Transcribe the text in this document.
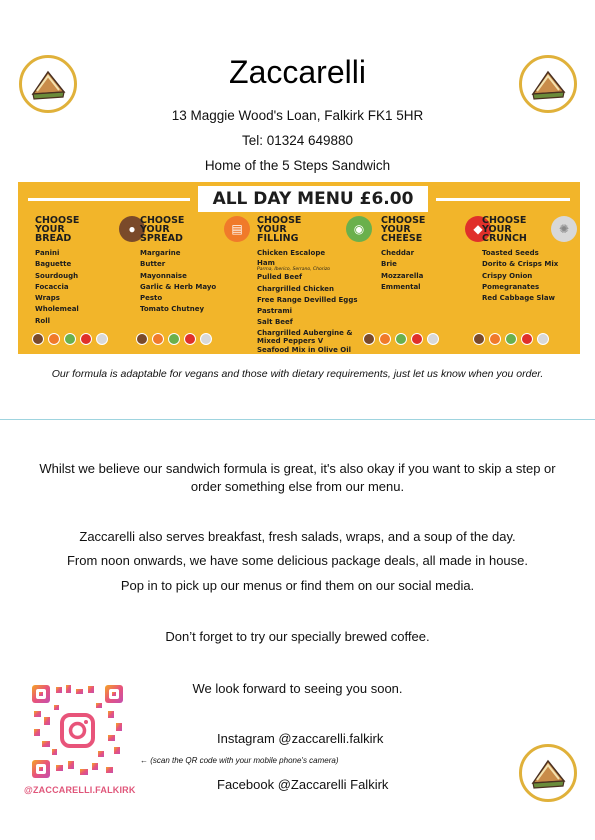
Zaccarelli
13 Maggie Wood's Loan, Falkirk FK1 5HR
Tel: 01324 649880
Home of the 5 Steps Sandwich
ALL DAY MENU £6.00
CHOOSE YOUR BREAD
●
Panini
Baguette
Sourdough
Focaccia
Wraps
Wholemeal
Roll
CHOOSE YOUR SPREAD
▤
Margarine
Butter
Mayonnaise
Garlic & Herb Mayo
Pesto
Tomato Chutney
CHOOSE YOUR FILLING
◉
Chicken Escalope
Ham
Parma, Iberico, Serrano, Chorizo
Pulled Beef
Chargrilled Chicken
Free Range Devilled Eggs
Pastrami
Salt Beef
Chargrilled Aubergine & Mixed Peppers V
Seafood Mix in Olive Oil
CHOOSE YOUR CHEESE
◆
Cheddar
Brie
Mozzarella
Emmental
CHOOSE YOUR CRUNCH
✺
Toasted Seeds
Dorito & Crisps Mix
Crispy Onion
Pomegranates
Red Cabbage Slaw
Our formula is adaptable for vegans and those with dietary requirements, just let us know when you order.
Whilst we believe our sandwich formula is great, it's also okay if you want to skip a step or order something else from our menu.
Zaccarelli also serves breakfast, fresh salads, wraps, and a soup of the day.
From noon onwards, we have some delicious package deals, all made in house.
Pop in to pick up our menus or find them on our social media.
Don’t forget to try our specially brewed coffee.
We look forward to seeing you soon.
@ZACCARELLI.FALKIRK
Instagram @zaccarelli.falkirk
← (scan the QR code with your mobile phone's camera)
Facebook @Zaccarelli Falkirk
